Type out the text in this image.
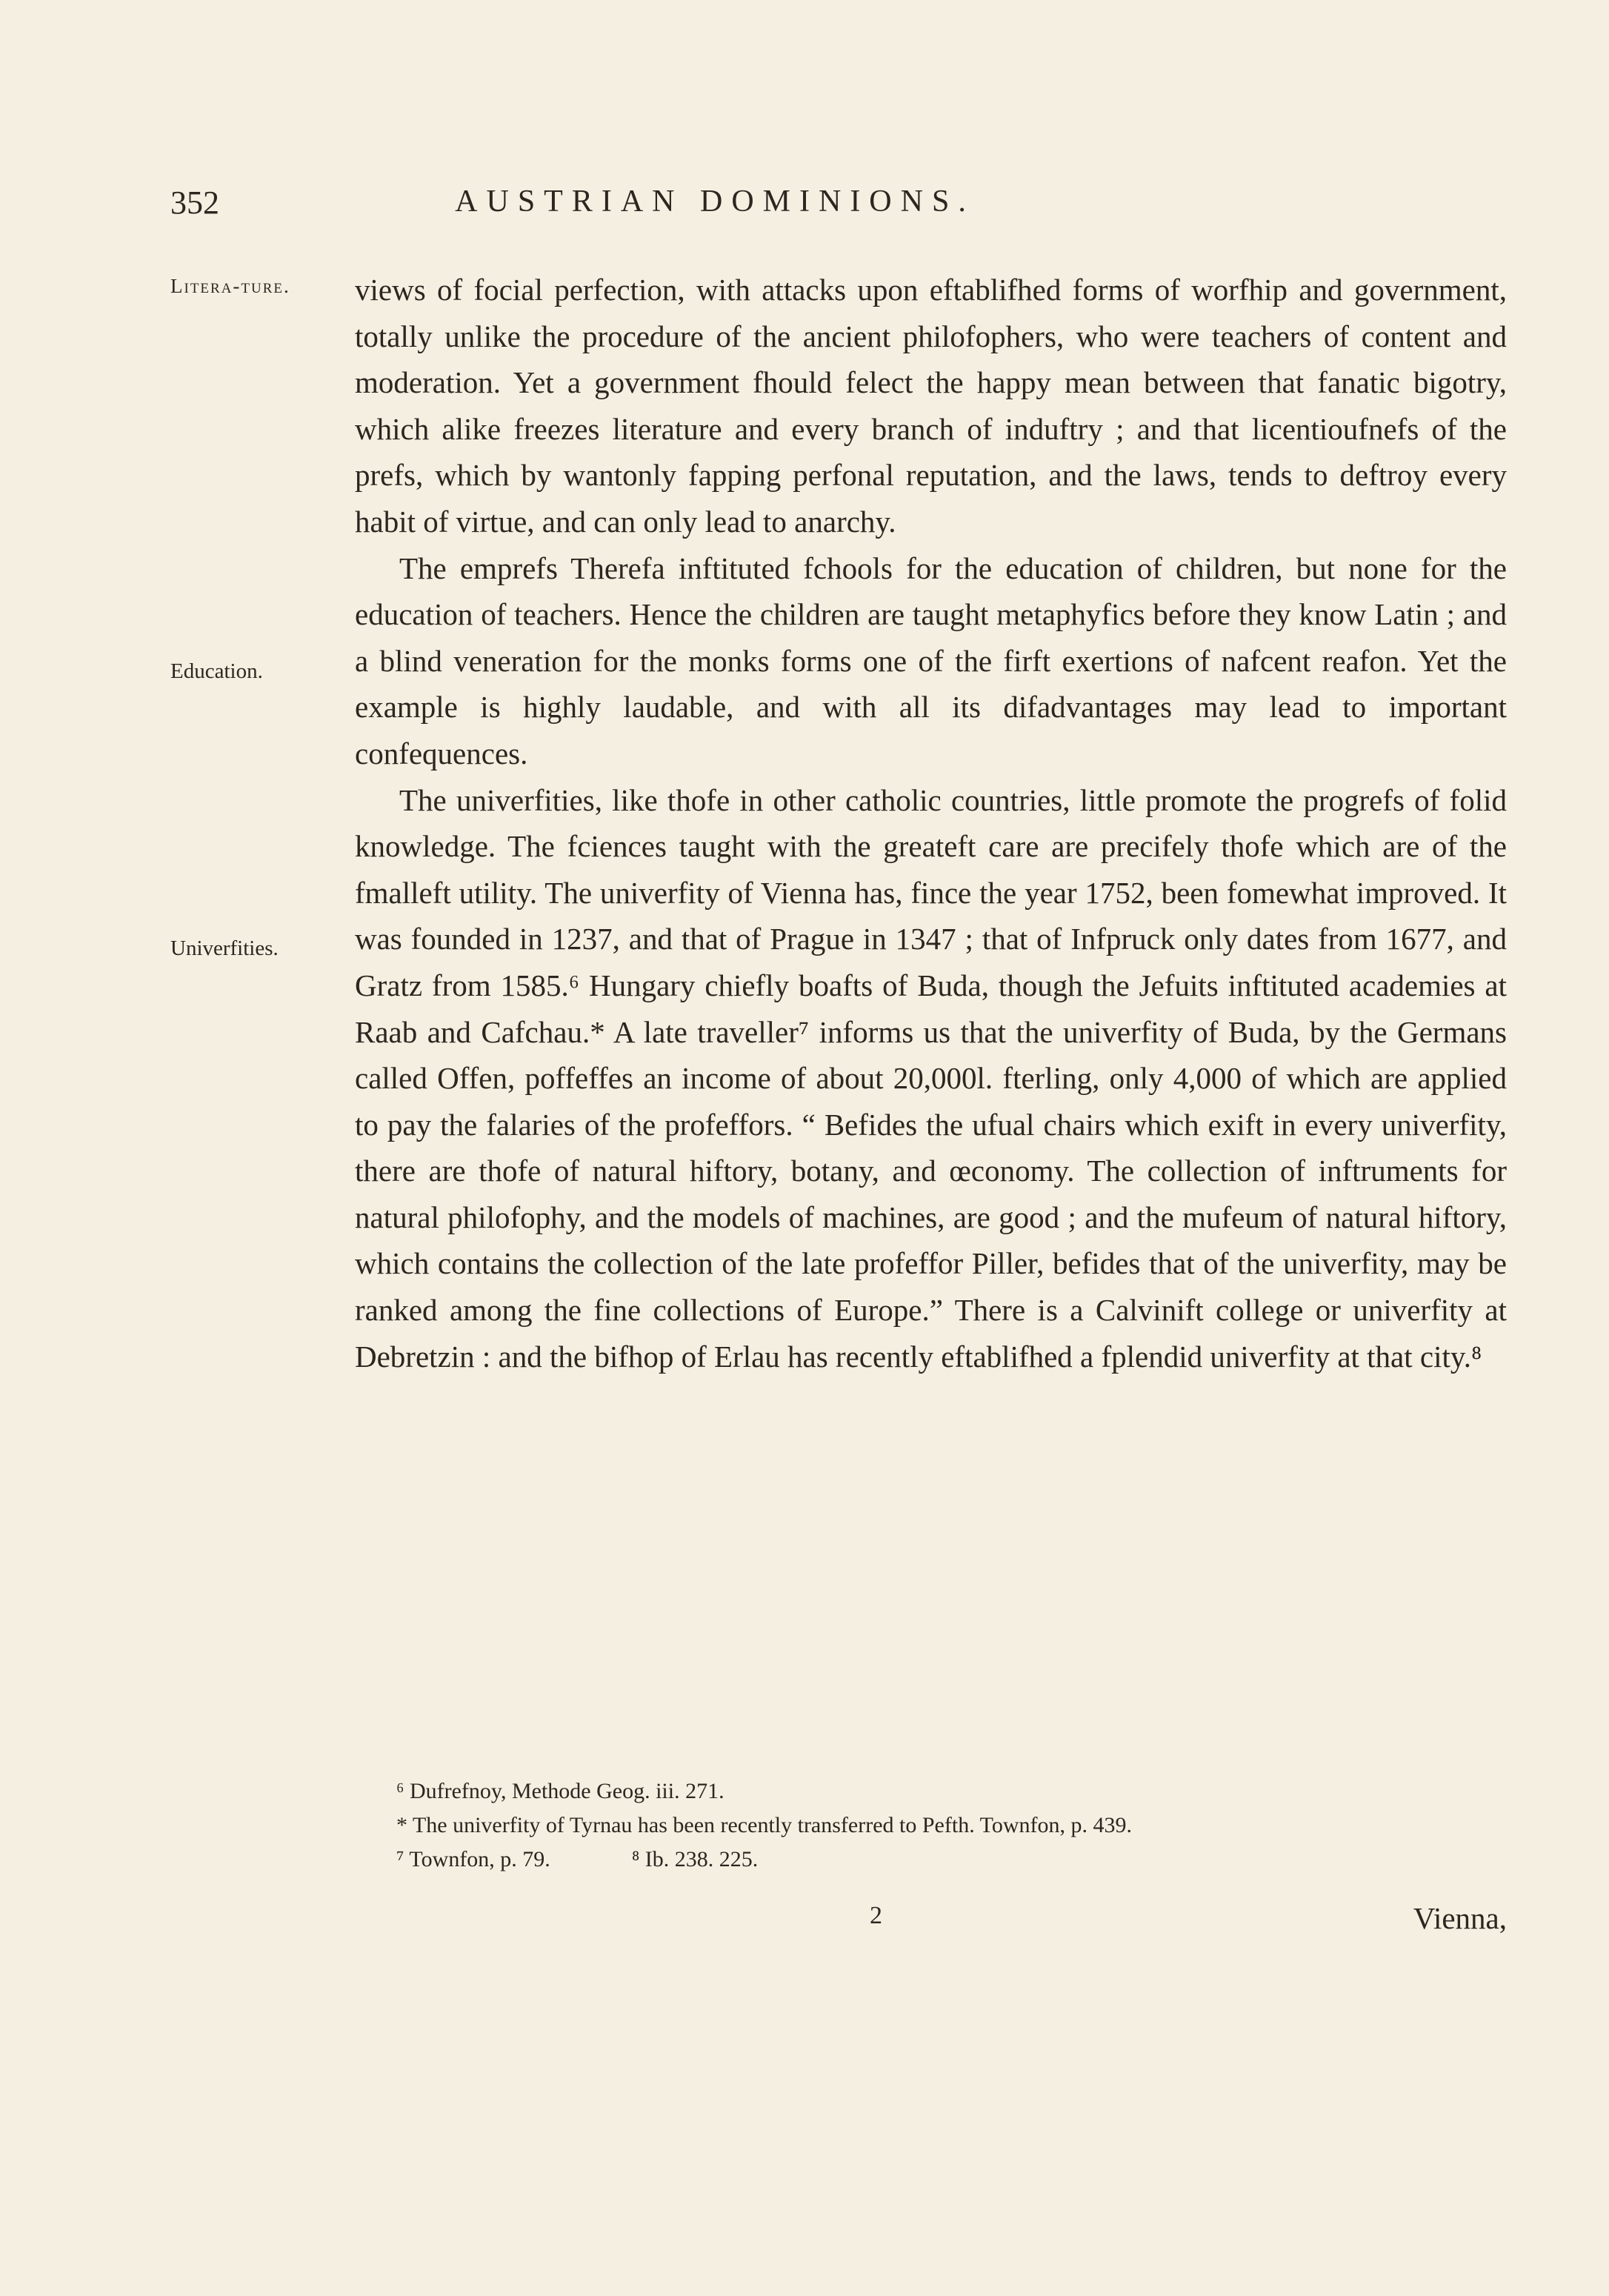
352	AUSTRIAN DOMINIONS.
Litera-ture.
Education.
Univerfities.

views of focial perfection, with attacks upon eftablifhed forms of worfhip and government, totally unlike the procedure of the ancient philofophers, who were teachers of content and moderation. Yet a government fhould felect the happy mean between that fanatic bigotry, which alike freezes literature and every branch of induftry ; and that licentioufnefs of the prefs, which by wantonly fapping perfonal reputation, and the laws, tends to deftroy every habit of virtue, and can only lead to anarchy.

The emprefs Therefa inftituted fchools for the education of children, but none for the education of teachers. Hence the children are taught metaphyfics before they know Latin ; and a blind veneration for the monks forms one of the firft exertions of nafcent reafon. Yet the example is highly laudable, and with all its difadvantages may lead to important confequences.

The univerfities, like thofe in other catholic countries, little promote the progrefs of folid knowledge. The fciences taught with the greateft care are precifely thofe which are of the fmalleft utility. The univerfity of Vienna has, fince the year 1752, been fomewhat improved. It was founded in 1237, and that of Prague in 1347 ; that of Infpruck only dates from 1677, and Gratz from 1585.⁶ Hungary chiefly boafts of Buda, though the Jefuits inftituted academies at Raab and Cafchau.* A late traveller⁷ informs us that the univerfity of Buda, by the Germans called Offen, poffeffes an income of about 20,000l. fterling, only 4,000 of which are applied to pay the falaries of the profeffors. “ Befides the ufual chairs which exift in every univerfity, there are thofe of natural hiftory, botany, and œconomy. The collection of inftruments for natural philofophy, and the models of machines, are good ; and the mufeum of natural hiftory, which contains the collection of the late profeffor Piller, befides that of the univerfity, may be ranked among the fine collections of Europe.” There is a Calvinift college or univerfity at Debretzin : and the bifhop of Erlau has recently eftablifhed a fplendid univerfity at that city.⁸

⁶ Dufrefnoy, Methode Geog. iii. 271.
* The univerfity of Tyrnau has been recently transferred to Pefth. Townfon, p. 439.
⁷ Townfon, p. 79.	⁸ Ib. 238. 225.
2	Vienna,
